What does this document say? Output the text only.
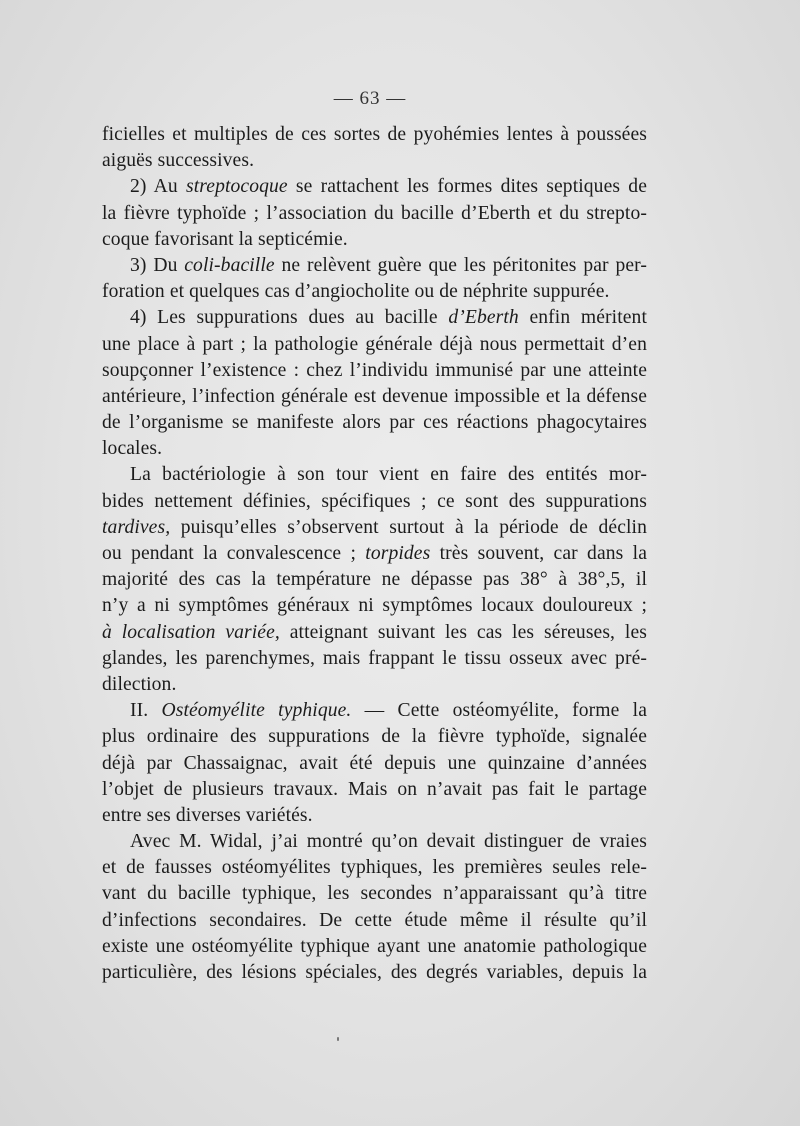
— 63 —
ficielles et multiples de ces sortes de pyohémies lentes à poussées
aiguës successives.
2) Au streptocoque se rattachent les formes dites septiques de
la fièvre typhoïde ; l’association du bacille d’Eberth et du strepto-
coque favorisant la septicémie.
3) Du coli-bacille ne relèvent guère que les péritonites par per-
foration et quelques cas d’angiocholite ou de néphrite suppurée.
4) Les suppurations dues au bacille d’Eberth enfin méritent
une place à part ; la pathologie générale déjà nous permettait d’en
soupçonner l’existence : chez l’individu immunisé par une atteinte
antérieure, l’infection générale est devenue impossible et la défense
de l’organisme se manifeste alors par ces réactions phagocytaires
locales.
La bactériologie à son tour vient en faire des entités mor-
bides nettement définies, spécifiques ; ce sont des suppurations
tardives, puisqu’elles s’observent surtout à la période de déclin
ou pendant la convalescence ; torpides très souvent, car dans la
majorité des cas la température ne dépasse pas 38° à 38°,5, il
n’y a ni symptômes généraux ni symptômes locaux douloureux ;
à localisation variée, atteignant suivant les cas les séreuses, les
glandes, les parenchymes, mais frappant le tissu osseux avec pré-
dilection.
II. Ostéomyélite typhique. — Cette ostéomyélite, forme la
plus ordinaire des suppurations de la fièvre typhoïde, signalée
déjà par Chassaignac, avait été depuis une quinzaine d’années
l’objet de plusieurs travaux. Mais on n’avait pas fait le partage
entre ses diverses variétés.
Avec M. Widal, j’ai montré qu’on devait distinguer de vraies
et de fausses ostéomyélites typhiques, les premières seules rele-
vant du bacille typhique, les secondes n’apparaissant qu’à titre
d’infections secondaires. De cette étude même il résulte qu’il
existe une ostéomyélite typhique ayant une anatomie pathologique
particulière, des lésions spéciales, des degrés variables, depuis la
